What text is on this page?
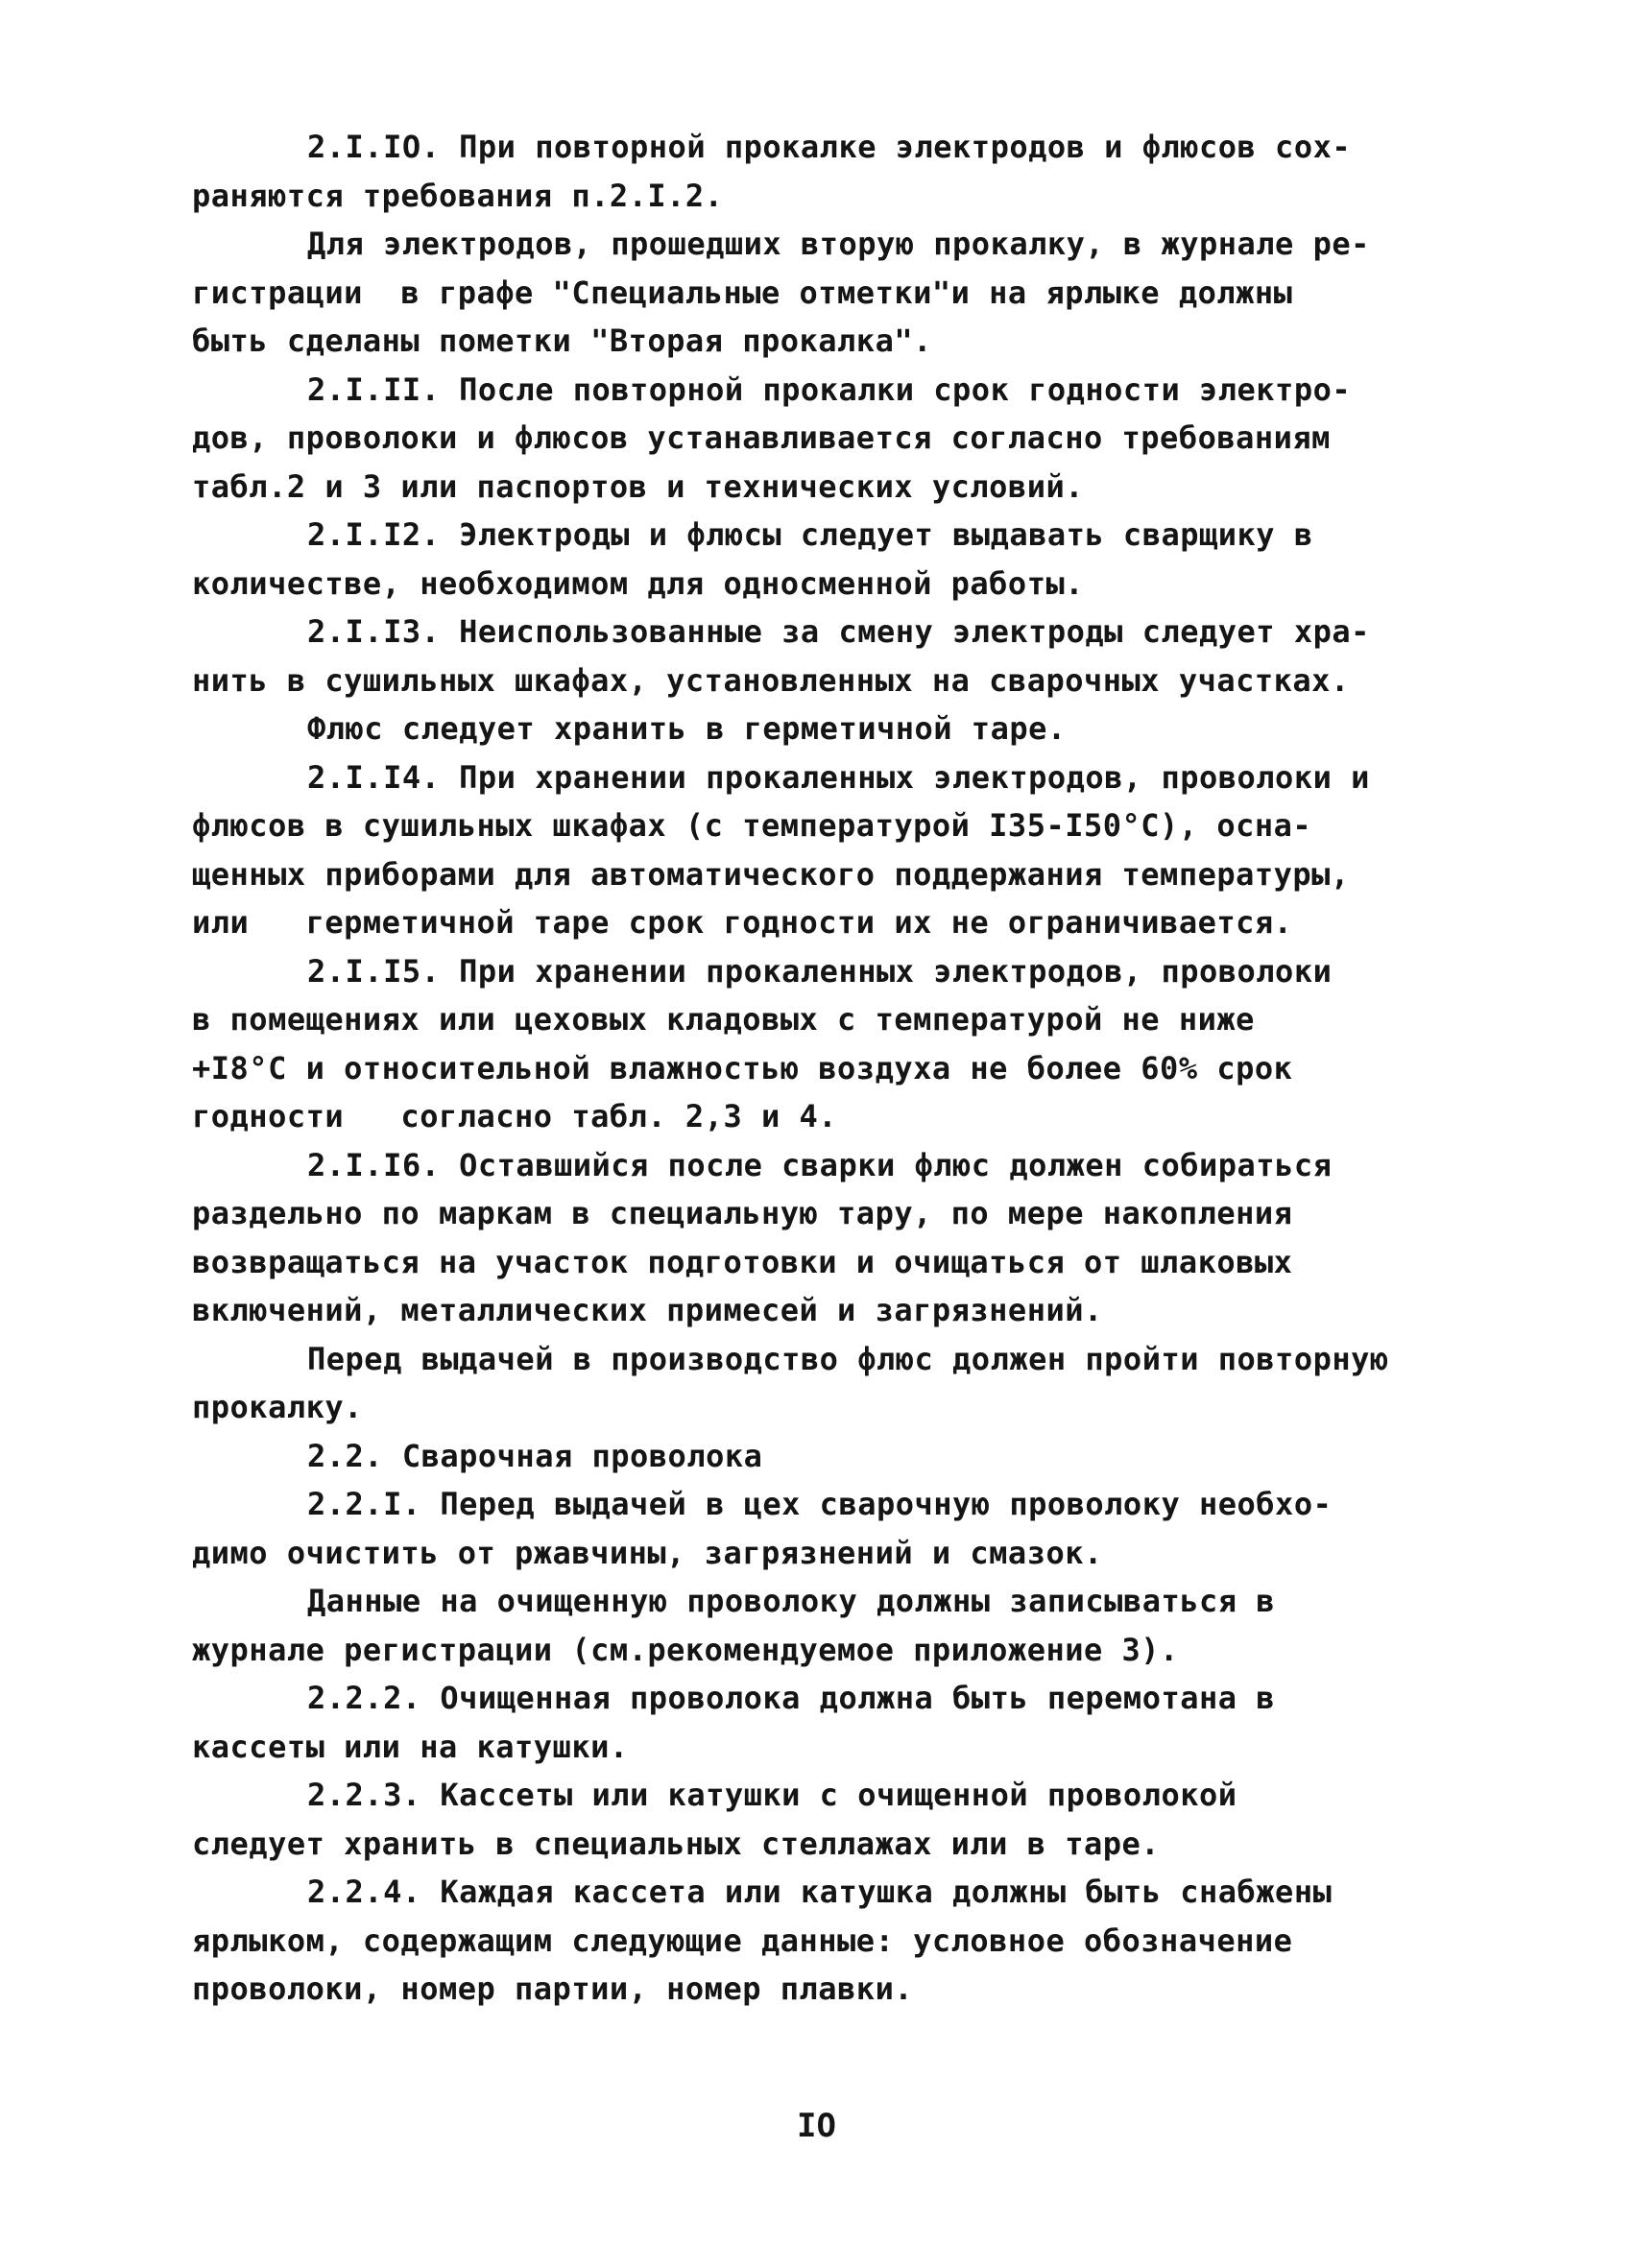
2.I.IO. При повторной прокалке электродов и флюсов сох-
раняются требования п.2.I.2.
Для электродов, прошедших вторую прокалку, в журнале ре-
гистрации  в графе "Специальные отметки"и на ярлыке должны
быть сделаны пометки "Вторая прокалка".
2.I.II. После повторной прокалки срок годности электро-
дов, проволоки и флюсов устанавливается согласно требованиям
табл.2 и 3 или паспортов и технических условий.
2.I.I2. Электроды и флюсы следует выдавать сварщику в
количестве, необходимом для односменной работы.
2.I.I3. Неиспользованные за смену электроды следует хра-
нить в сушильных шкафах, установленных на сварочных участках.
Флюс следует хранить в герметичной таре.
2.I.I4. При хранении прокаленных электродов, проволоки и
флюсов в сушильных шкафах (с температурой I35-I50°С), осна-
щенных приборами для автоматического поддержания температуры,
или   герметичной таре срок годности их не ограничивается.
2.I.I5. При хранении прокаленных электродов, проволоки
в помещениях или цеховых кладовых с температурой не ниже
+I8°С и относительной влажностью воздуха не более 60% срок
годности   согласно табл. 2,3 и 4.
2.I.I6. Оставшийся после сварки флюс должен собираться
раздельно по маркам в специальную тару, по мере накопления
возвращаться на участок подготовки и очищаться от шлаковых
включений, металлических примесей и загрязнений.
Перед выдачей в производство флюс должен пройти повторную
прокалку.
2.2. Сварочная проволока
2.2.I. Перед выдачей в цех сварочную проволоку необхо-
димо очистить от ржавчины, загрязнений и смазок.
Данные на очищенную проволоку должны записываться в
журнале регистрации (см.рекомендуемое приложение 3).
2.2.2. Очищенная проволока должна быть перемотана в
кассеты или на катушки.
2.2.3. Кассеты или катушки с очищенной проволокой
следует хранить в специальных стеллажах или в таре.
2.2.4. Каждая кассета или катушка должны быть снабжены
ярлыком, содержащим следующие данные: условное обозначение
проволоки, номер партии, номер плавки.
IO
